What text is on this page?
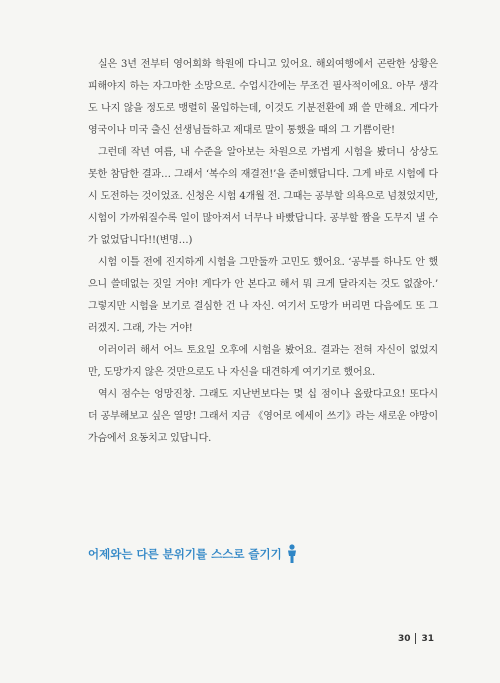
실은 3년 전부터 영어회화 학원에 다니고 있어요. 해외여행에서 곤란한 상황은 피해야지 하는 자그마한 소망으로. 수업시간에는 무조건 필사적이에요. 아무 생각도 나지 않을 정도로 맹렬히 몰입하는데, 이것도 기분전환에 꽤 쓸 만해요. 게다가 영국이나 미국 출신 선생님들하고 제대로 말이 통했을 때의 그 기쁨이란!

그런데 작년 여름, 내 수준을 알아보는 차원으로 가볍게 시험을 봤더니 상상도 못한 참담한 결과… 그래서 ‘복수의 재결전!’을 준비했답니다. 그게 바로 시험에 다시 도전하는 것이었죠. 신청은 시험 4개월 전. 그때는 공부할 의욕으로 넘쳤었지만, 시험이 가까워질수록 일이 많아져서 너무나 바빴답니다. 공부할 짬을 도무지 낼 수가 없었답니다!!(변명…)

시험 이틀 전에 진지하게 시험을 그만둘까 고민도 했어요. ‘공부를 하나도 안 했으니 쓸데없는 짓일 거야! 게다가 안 본다고 해서 뭐 크게 달라지는 것도 없잖아.’ 그렇지만 시험을 보기로 결심한 건 나 자신. 여기서 도망가 버리면 다음에도 또 그러겠지. 그래, 가는 거야!

이러이러 해서 어느 토요일 오후에 시험을 봤어요. 결과는 전혀 자신이 없었지만, 도망가지 않은 것만으로도 나 자신을 대견하게 여기기로 했어요.

역시 점수는 엉망진창. 그래도 지난번보다는 몇 십 점이나 올랐다고요! 또다시 더 공부해보고 싶은 열망! 그래서 지금 《영어로 에세이 쓰기》라는 새로운 야망이 가슴에서 요동치고 있답니다.

어제와는 다른 분위기를 스스로 즐기기
30 31
